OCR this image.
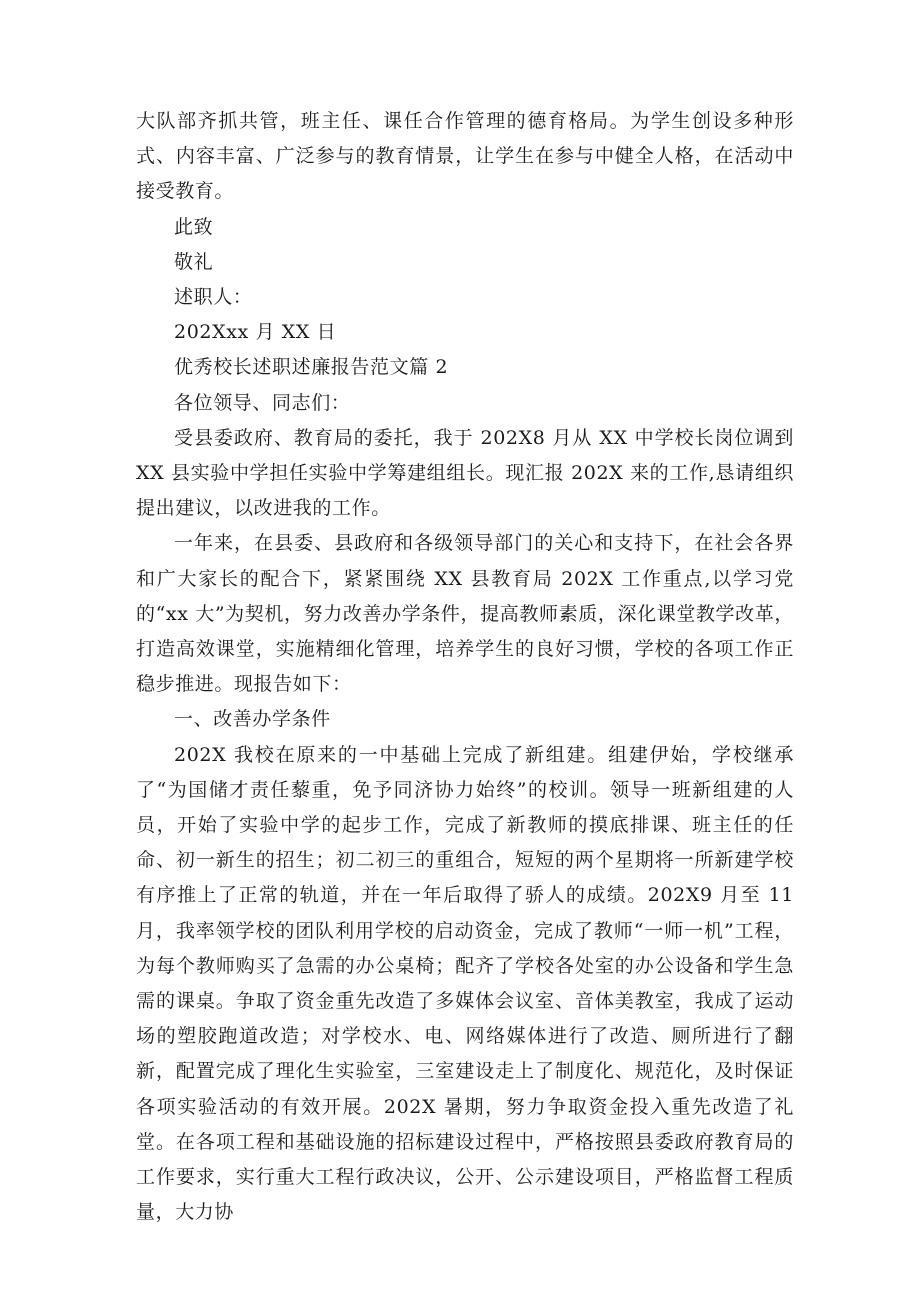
大队部齐抓共管，班主任、课任合作管理的德育格局。为学生创设多种形式、内容丰富、广泛参与的教育情景，让学生在参与中健全人格，在活动中接受教育。

此致

敬礼

述职人：

202Xxx 月 XX 日

优秀校长述职述廉报告范文篇 2

各位领导、同志们：

受县委政府、教育局的委托，我于 202X8 月从 XX 中学校长岗位调到 XX 县实验中学担任实验中学筹建组组长。现汇报 202X 来的工作,恳请组织提出建议，以改进我的工作。

一年来，在县委、县政府和各级领导部门的关心和支持下，在社会各界和广大家长的配合下，紧紧围绕 XX 县教育局 202X 工作重点,以学习党的“xx 大”为契机，努力改善办学条件，提高教师素质，深化课堂教学改革，打造高效课堂，实施精细化管理，培养学生的良好习惯，学校的各项工作正稳步推进。现报告如下：

一、改善办学条件

202X 我校在原来的一中基础上完成了新组建。组建伊始，学校继承了“为国储才责任藜重，免予同济协力始终”的校训。领导一班新组建的人员，开始了实验中学的起步工作，完成了新教师的摸底排课、班主任的任命、初一新生的招生；初二初三的重组合，短短的两个星期将一所新建学校有序推上了正常的轨道，并在一年后取得了骄人的成绩。202X9 月至 11 月，我率领学校的团队利用学校的启动资金，完成了教师“一师一机”工程，为每个教师购买了急需的办公桌椅；配齐了学校各处室的办公设备和学生急需的课桌。争取了资金重先改造了多媒体会议室、音体美教室，我成了运动场的塑胶跑道改造；对学校水、电、网络媒体进行了改造、厕所进行了翻新，配置完成了理化生实验室，三室建设走上了制度化、规范化，及时保证各项实验活动的有效开展。202X 暑期，努力争取资金投入重先改造了礼堂。在各项工程和基础设施的招标建设过程中，严格按照县委政府教育局的工作要求，实行重大工程行政决议，公开、公示建设项目，严格监督工程质量，大力协
